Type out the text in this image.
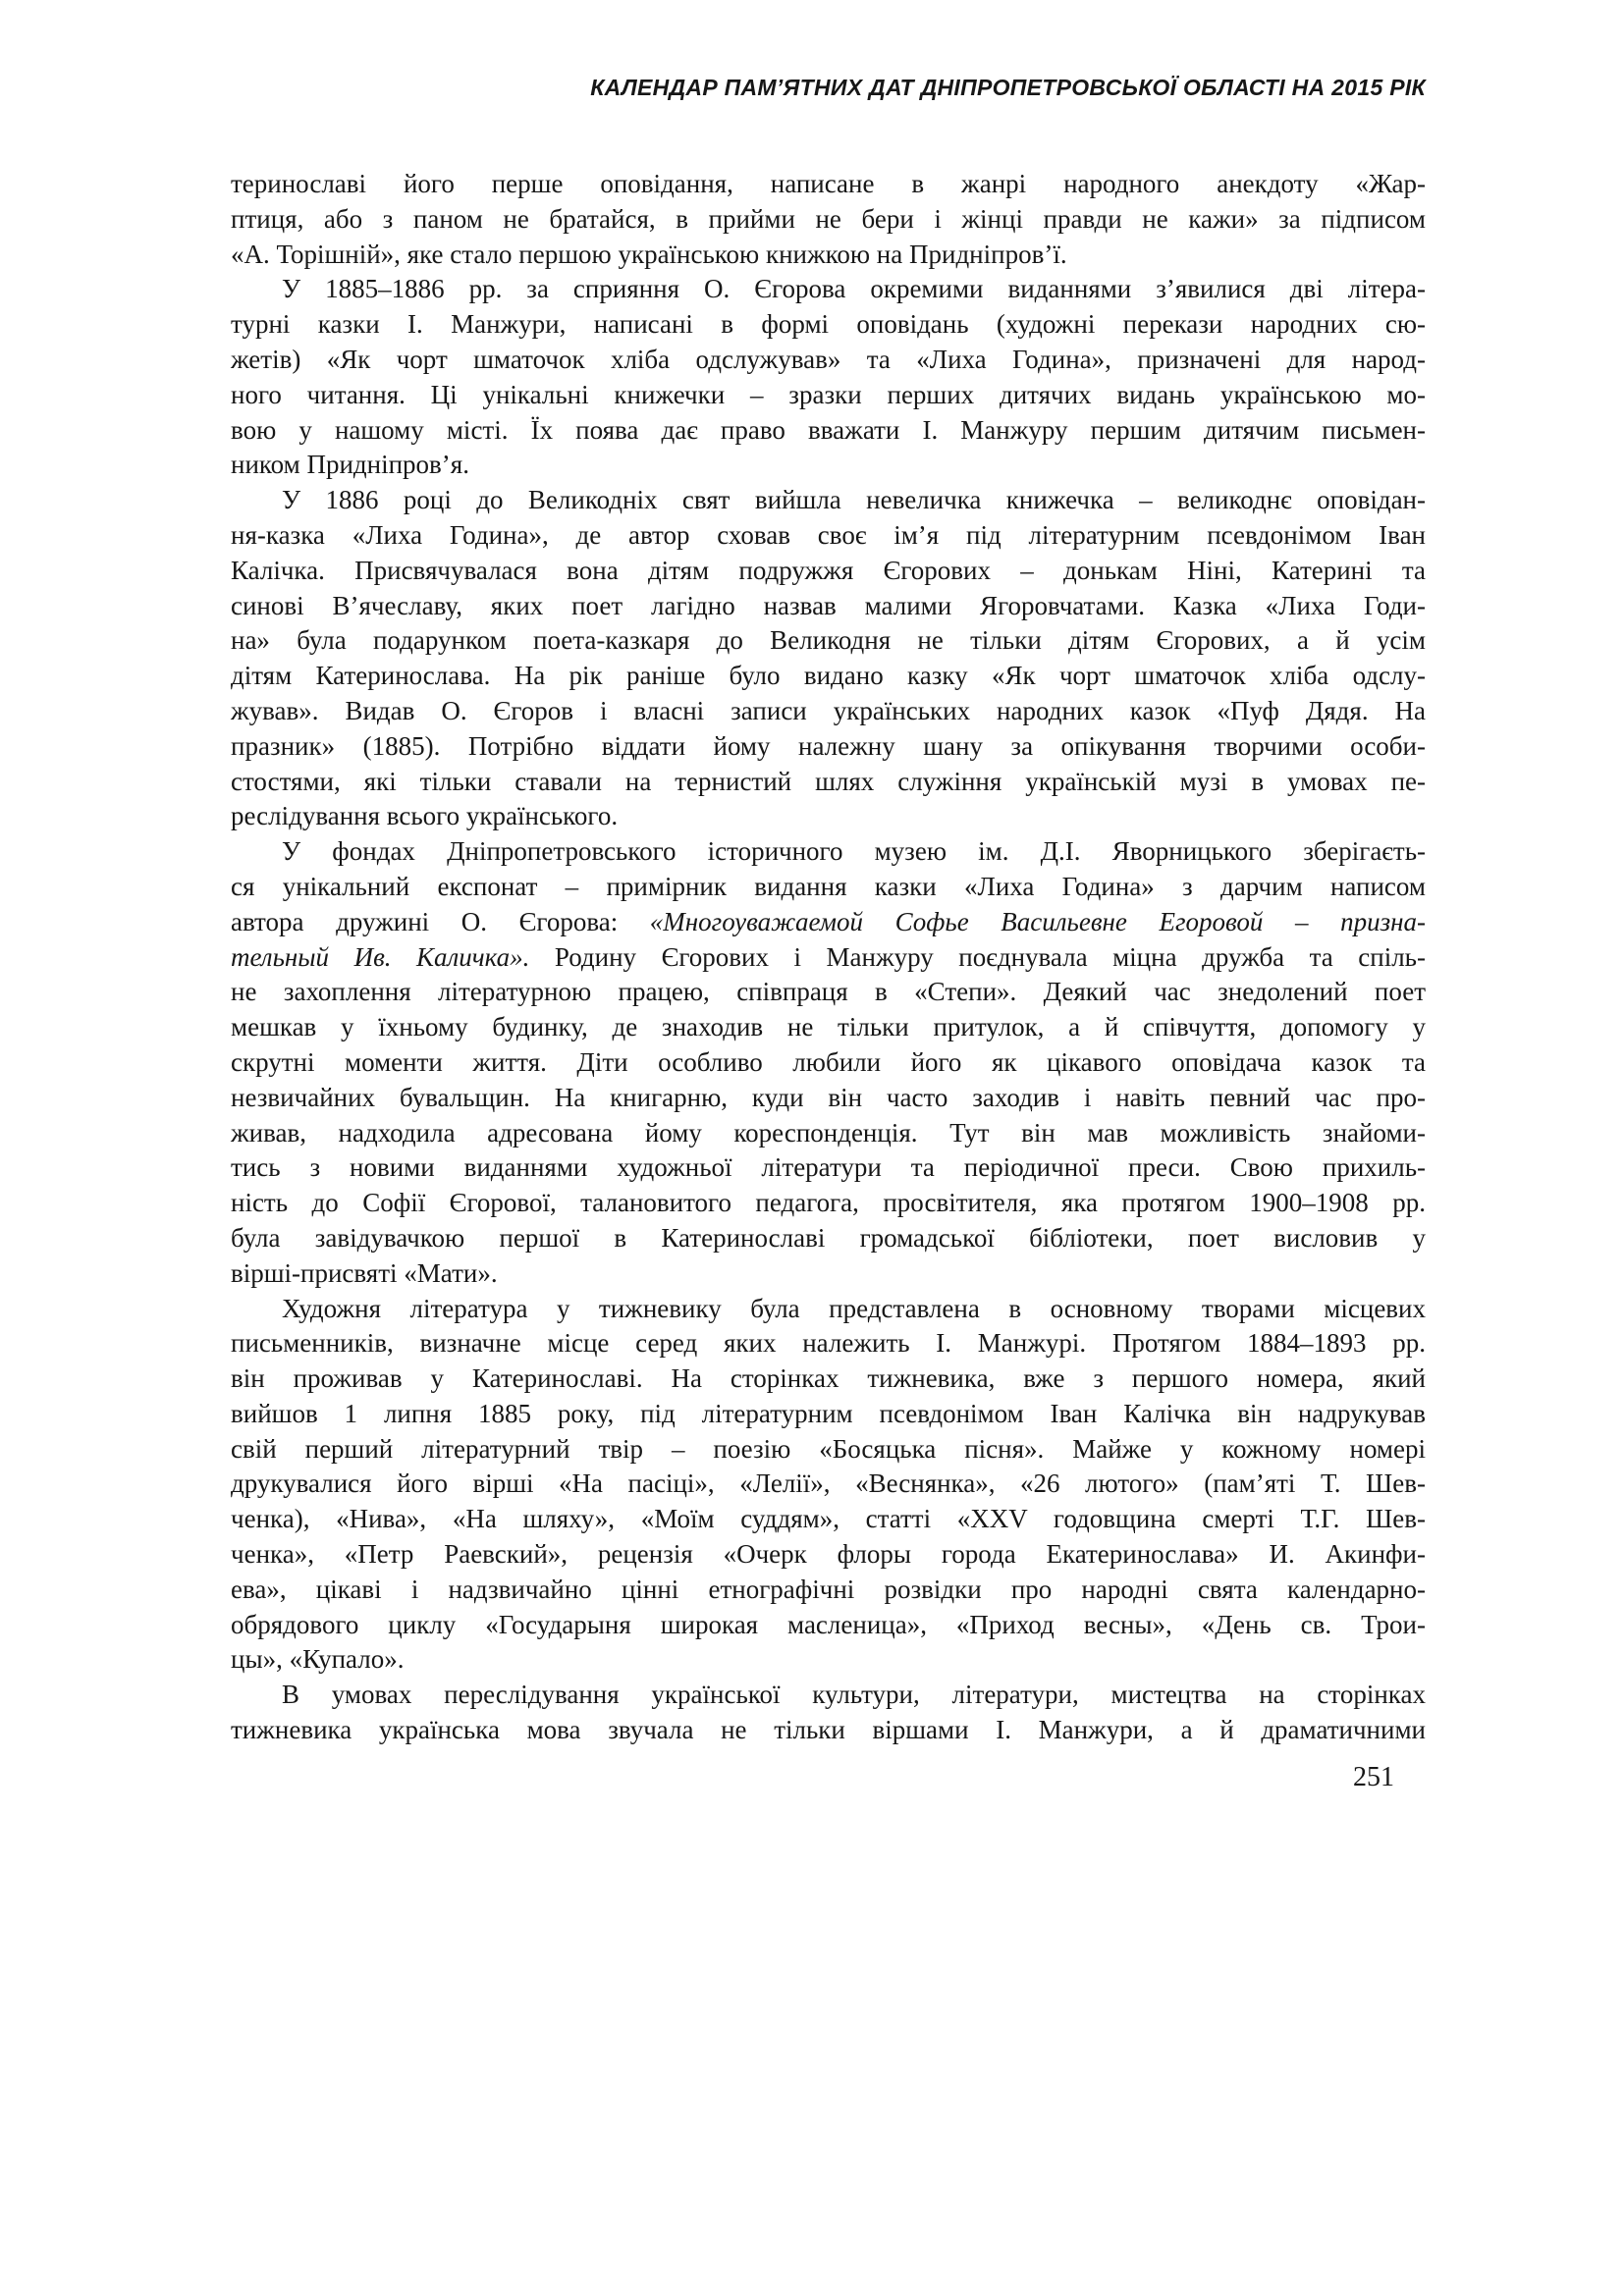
КАЛЕНДАР ПАМ’ЯТНИХ ДАТ ДНІПРОПЕТРОВСЬКОЇ ОБЛАСТІ НА 2015 РІК
теринославі його перше оповідання, написане в жанрі народного анекдоту «Жар-
птиця, або з паном не братайся, в прийми не бери і жінці правди не кажи» за підписом
«А. Торішній», яке стало першою українською книжкою на Придніпров’ї.
У 1885–1886 рр. за сприяння О. Єгорова окремими виданнями з’явилися дві літера-
турні казки І. Манжури, написані в формі оповідань (художні перекази народних сю-
жетів) «Як чорт шматочок хліба одслужував» та «Лиха Година», призначені для народ-
ного читання. Ці унікальні книжечки – зразки перших дитячих видань українською мо-
вою у нашому місті. Їх поява дає право вважати І. Манжуру першим дитячим письмен-
ником Придніпров’я.
У 1886 році до Великодніх свят вийшла невеличка книжечка – великоднє оповідан-
ня-казка «Лиха Година», де автор сховав своє ім’я під літературним псевдонімом Іван
Калічка. Присвячувалася вона дітям подружжя Єгорових – донькам Ніні, Катерині та
синові В’ячеславу, яких поет лагідно назвав малими Ягоровчатами. Казка «Лиха Годи-
на» була подарунком поета-казкаря до Великодня не тільки дітям Єгорових, а й усім
дітям Катеринослава. На рік раніше було видано казку «Як чорт шматочок хліба одслу-
жував». Видав О. Єгоров і власні записи українських народних казок «Пуф Дядя. На
празник» (1885). Потрібно віддати йому належну шану за опікування творчими особи-
стостями, які тільки ставали на тернистий шлях служіння українській музі в умовах пе-
реслідування всього українського.
У фондах Дніпропетровського історичного музею ім. Д.І. Яворницького зберігаєть-
ся унікальний експонат – примірник видання казки «Лиха Година» з дарчим написом
автора дружині О. Єгорова: «Многоуважаемой Софье Васильевне Егоровой – призна-
тельный Ив. Каличка». Родину Єгорових і Манжуру поєднувала міцна дружба та спіль-
не захоплення літературною працею, співпраця в «Степи». Деякий час знедолений поет
мешкав у їхньому будинку, де знаходив не тільки притулок, а й співчуття, допомогу у
скрутні моменти життя. Діти особливо любили його як цікавого оповідача казок та
незвичайних бувальщин. На книгарню, куди він часто заходив і навіть певний час про-
живав, надходила адресована йому кореспонденція. Тут він мав можливість знайоми-
тись з новими виданнями художньої літератури та періодичної преси. Свою прихиль-
ність до Софії Єгорової, талановитого педагога, просвітителя, яка протягом 1900–1908 рр.
була завідувачкою першої в Катеринославі громадської бібліотеки, поет висловив у
вірші-присвяті «Мати».
Художня література у тижневику була представлена в основному творами місцевих
письменників, визначне місце серед яких належить І. Манжурі. Протягом 1884–1893 рр.
він проживав у Катеринославі. На сторінках тижневика, вже з першого номера, який
вийшов 1 липня 1885 року, під літературним псевдонімом Іван Калічка він надрукував
свій перший літературний твір – поезію «Босяцька пісня». Майже у кожному номері
друкувалися його вірші «На пасіці», «Лелії», «Веснянка», «26 лютого» (пам’яті Т. Шев-
ченка), «Нива», «На шляху», «Моїм суддям», статті «XXV годовщина смерті Т.Г. Шев-
ченка», «Петр Раевский», рецензія «Очерк флоры города Екатеринослава» И. Акинфи-
ева», цікаві і надзвичайно цінні етнографічні розвідки про народні свята календарно-
обрядового циклу «Государыня широкая масленица», «Приход весны», «День св. Трои-
цы», «Купало».
В умовах переслідування української культури, літератури, мистецтва на сторінках
тижневика українська мова звучала не тільки віршами І. Манжури, а й драматичними
251
